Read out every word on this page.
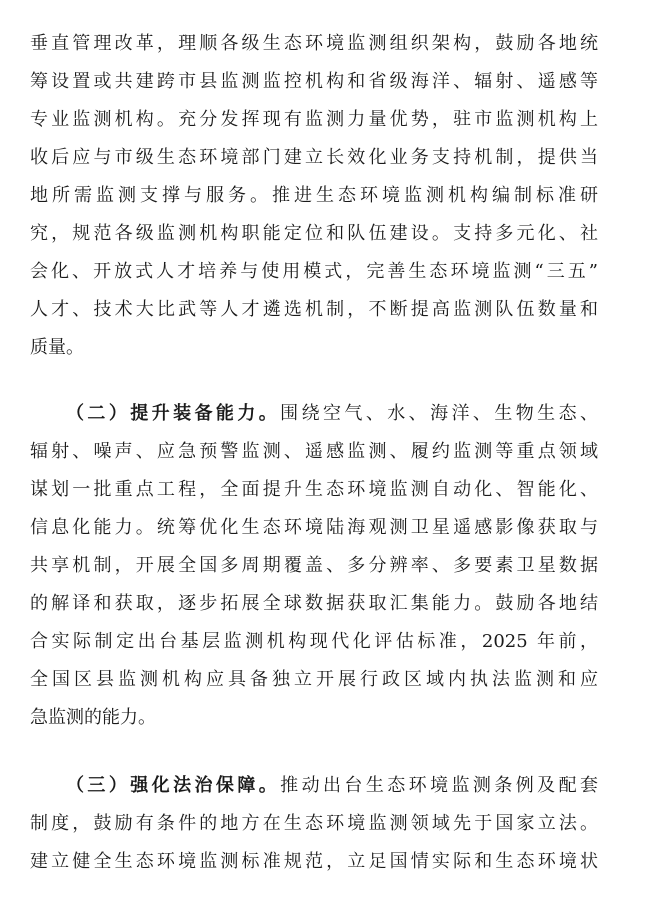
垂直管理改革，理顺各级生态环境监测组织架构，鼓励各地统
筹设置或共建跨市县监测监控机构和省级海洋、辐射、遥感等
专业监测机构。充分发挥现有监测力量优势，驻市监测机构上
收后应与市级生态环境部门建立长效化业务支持机制，提供当
地所需监测支撑与服务。推进生态环境监测机构编制标准研
究，规范各级监测机构职能定位和队伍建设。支持多元化、社
会化、开放式人才培养与使用模式，完善生态环境监测“三五”
人才、技术大比武等人才遴选机制，不断提高监测队伍数量和
质量。
（二）提升装备能力。围绕空气、水、海洋、生物生态、
辐射、噪声、应急预警监测、遥感监测、履约监测等重点领域
谋划一批重点工程，全面提升生态环境监测自动化、智能化、
信息化能力。统筹优化生态环境陆海观测卫星遥感影像获取与
共享机制，开展全国多周期覆盖、多分辨率、多要素卫星数据
的解译和获取，逐步拓展全球数据获取汇集能力。鼓励各地结
合实际制定出台基层监测机构现代化评估标准，2025 年前，
全国区县监测机构应具备独立开展行政区域内执法监测和应
急监测的能力。
（三）强化法治保障。推动出台生态环境监测条例及配套
制度，鼓励有条件的地方在生态环境监测领域先于国家立法。
建立健全生态环境监测标准规范，立足国情实际和生态环境状
